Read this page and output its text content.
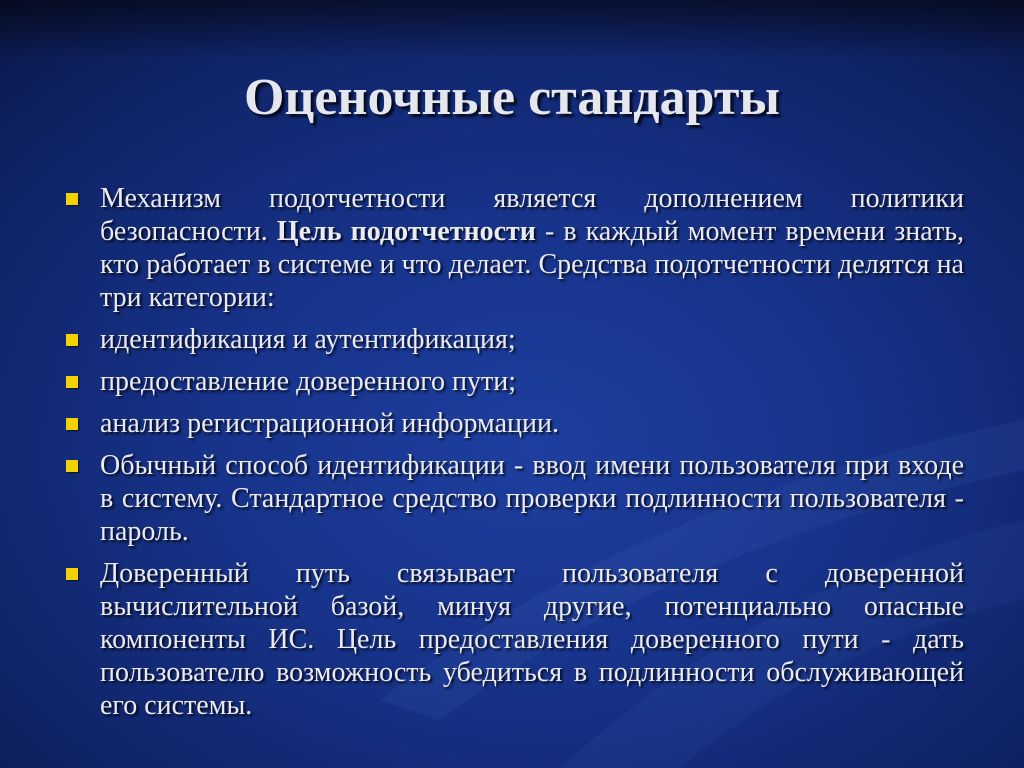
Оценочные стандарты
Механизм подотчетности является дополнением политики безопасности. Цель подотчетности - в каждый момент времени знать, кто работает в системе и что делает. Средства подотчетности делятся на три категории:
идентификация и аутентификация;
предоставление доверенного пути;
анализ регистрационной информации.
Обычный способ идентификации - ввод имени пользователя при входе в систему. Стандартное средство проверки подлинности пользователя - пароль.
Доверенный путь связывает пользователя с доверенной вычислительной базой, минуя другие, потенциально опасные компоненты ИС. Цель предоставления доверенного пути - дать пользователю возможность убедиться в подлинности обслуживающей его системы.
